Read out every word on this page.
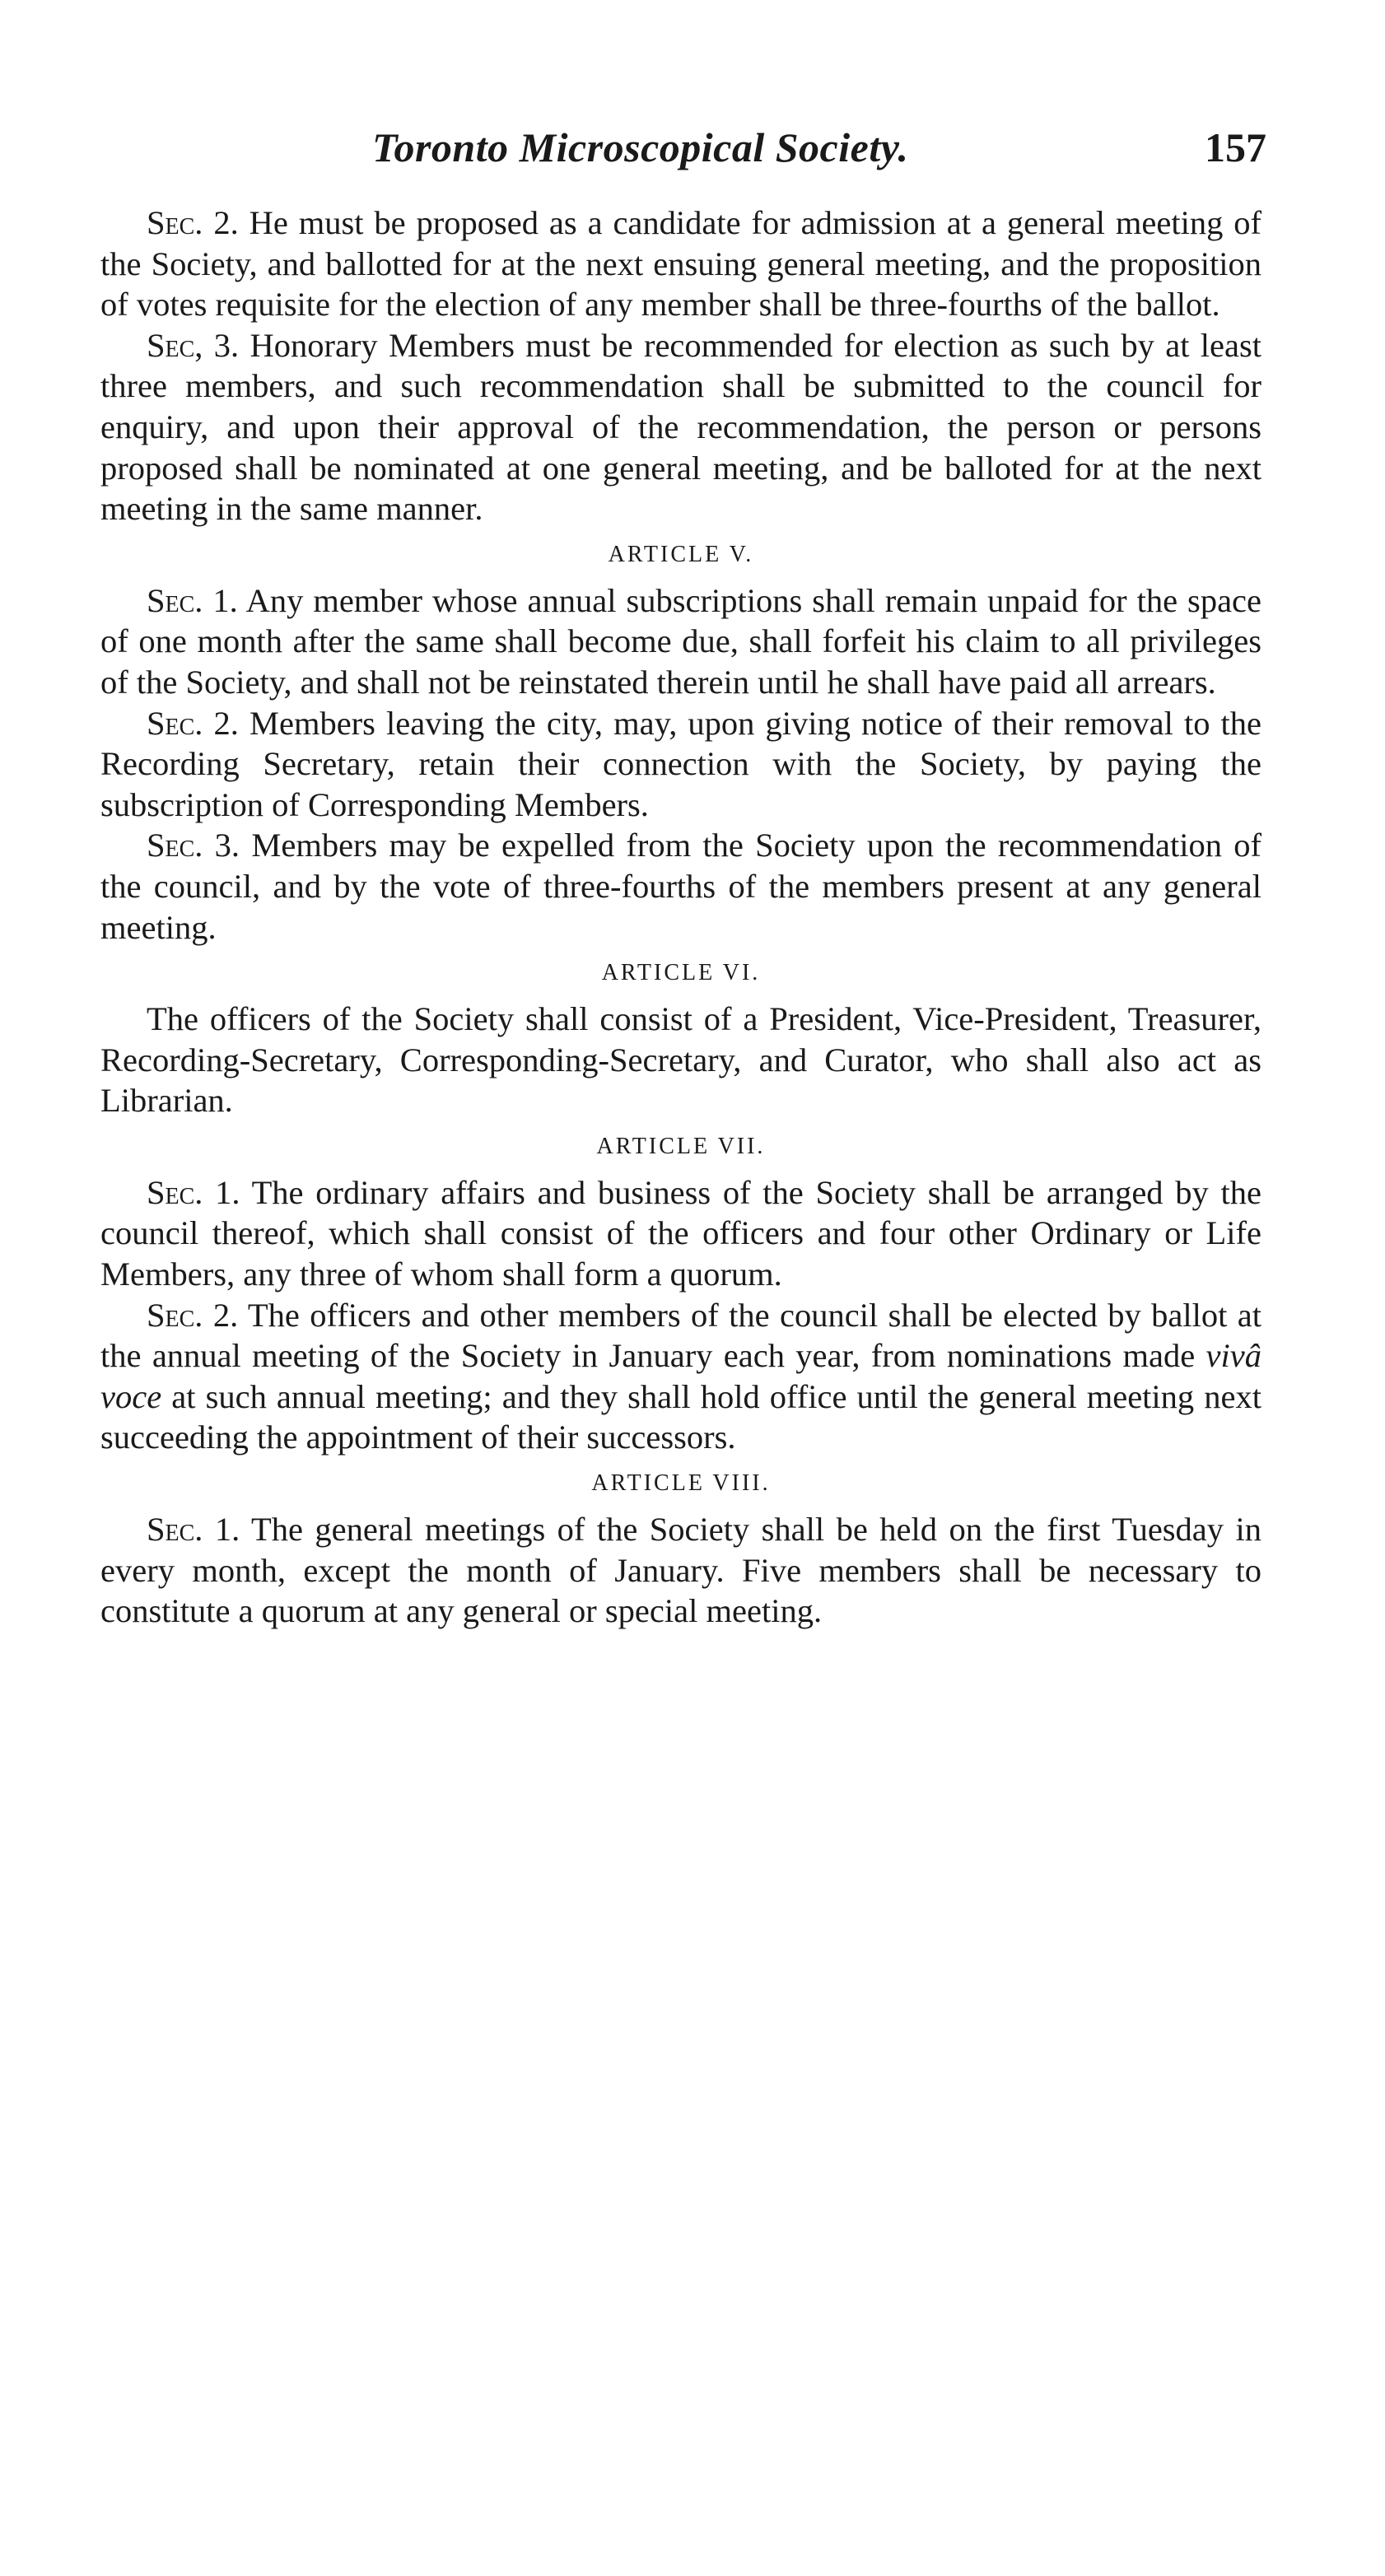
Toronto Microscopical Society.	157

Sec. 2. He must be proposed as a candidate for admission at a general meeting of the Society, and ballotted for at the next ensuing general meeting, and the proposition of votes requisite for the election of any member shall be three-fourths of the ballot.

Sec, 3. Honorary Members must be recommended for election as such by at least three members, and such recommendation shall be submitted to the council for enquiry, and upon their approval of the recommendation, the person or persons proposed shall be nominated at one general meeting, and be balloted for at the next meeting in the same manner.

ARTICLE V.

Sec. 1. Any member whose annual subscriptions shall remain unpaid for the space of one month after the same shall become due, shall forfeit his claim to all privileges of the Society, and shall not be reinstated therein until he shall have paid all arrears.

Sec. 2. Members leaving the city, may, upon giving notice of their removal to the Recording Secretary, retain their connection with the Society, by paying the subscription of Corresponding Members.

Sec. 3. Members may be expelled from the Society upon the recommendation of the council, and by the vote of three-fourths of the members present at any general meeting.

ARTICLE VI.

The officers of the Society shall consist of a President, Vice-President, Treasurer, Recording-Secretary, Corresponding-Secretary, and Curator, who shall also act as Librarian.

ARTICLE VII.

Sec. 1. The ordinary affairs and business of the Society shall be arranged by the council thereof, which shall consist of the officers and four other Ordinary or Life Members, any three of whom shall form a quorum.

Sec. 2. The officers and other members of the council shall be elected by ballot at the annual meeting of the Society in January each year, from nominations made vivâ voce at such annual meeting; and they shall hold office until the general meeting next succeeding the appointment of their successors.

ARTICLE VIII.

Sec. 1. The general meetings of the Society shall be held on the first Tuesday in every month, except the month of January. Five members shall be necessary to constitute a quorum at any general or special meeting.
